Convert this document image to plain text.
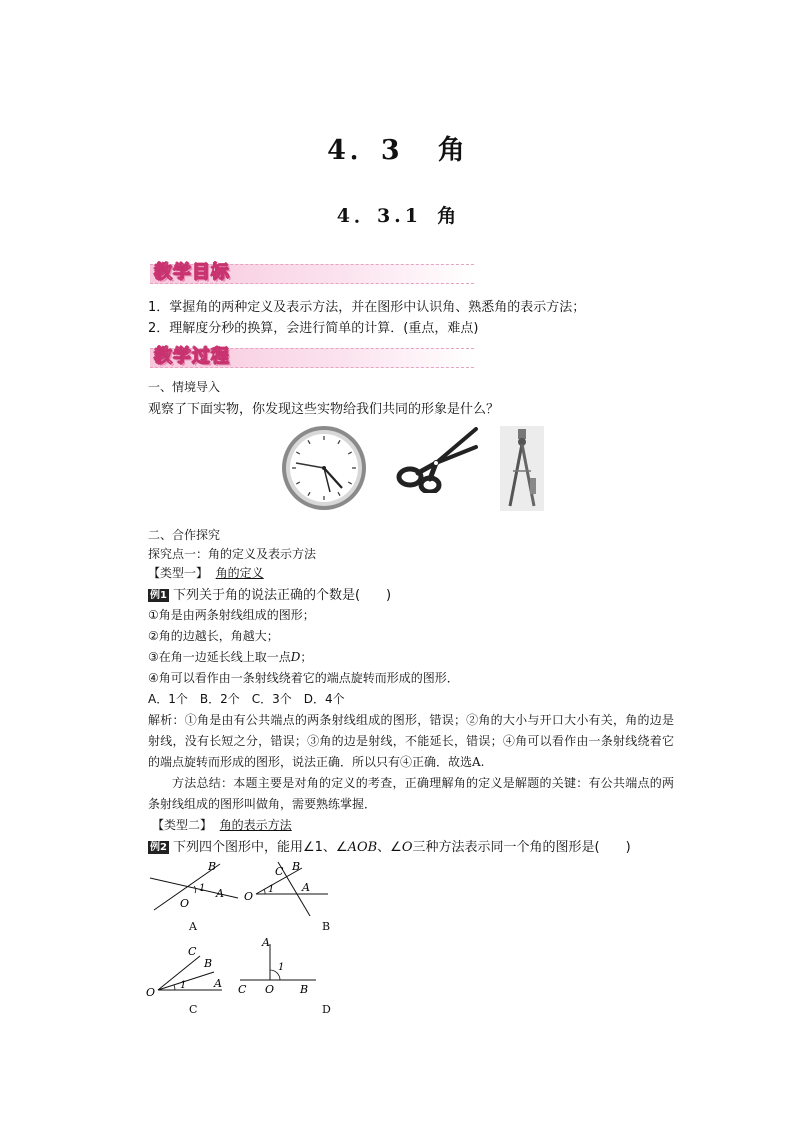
4．3 角
4．3.1 角
教学目标
1．掌握角的两种定义及表示方法，并在图形中认识角、熟悉角的表示方法；
2．理解度分秒的换算，会进行简单的计算．(重点，难点)
教学过程
一、情境导入
观察了下面实物，你发现这些实物给我们共同的形象是什么？
二、合作探究
探究点一：角的定义及表示方法
【类型一】 角的定义
例1 下列关于角的说法正确的个数是(　　)
①角是由两条射线组成的图形；
②角的边越长，角越大；
③在角一边延长线上取一点D；
④角可以看作由一条射线绕着它的端点旋转而形成的图形．
A．1个　B．2个　C．3个　D．4个
解析：①角是由有公共端点的两条射线组成的图形，错误；②角的大小与开口大小有关，角的边是射线，没有长短之分，错误；③角的边是射线，不能延长，错误；④角可以看作由一条射线绕着它的端点旋转而形成的图形，说法正确．所以只有④正确．故选A.
方法总结：本题主要是对角的定义的考查，正确理解角的定义是解题的关键：有公共端点的两条射线组成的图形叫做角，需要熟练掌握．
【类型二】 角的表示方法
例2 下列四个图形中，能用∠1、∠AOB、∠O三种方法表示同一个角的图形是(　　)
B
1 A
O
A
C B
1	A
O
B
C
B
1	A
O
C
A
1
C O B
D
